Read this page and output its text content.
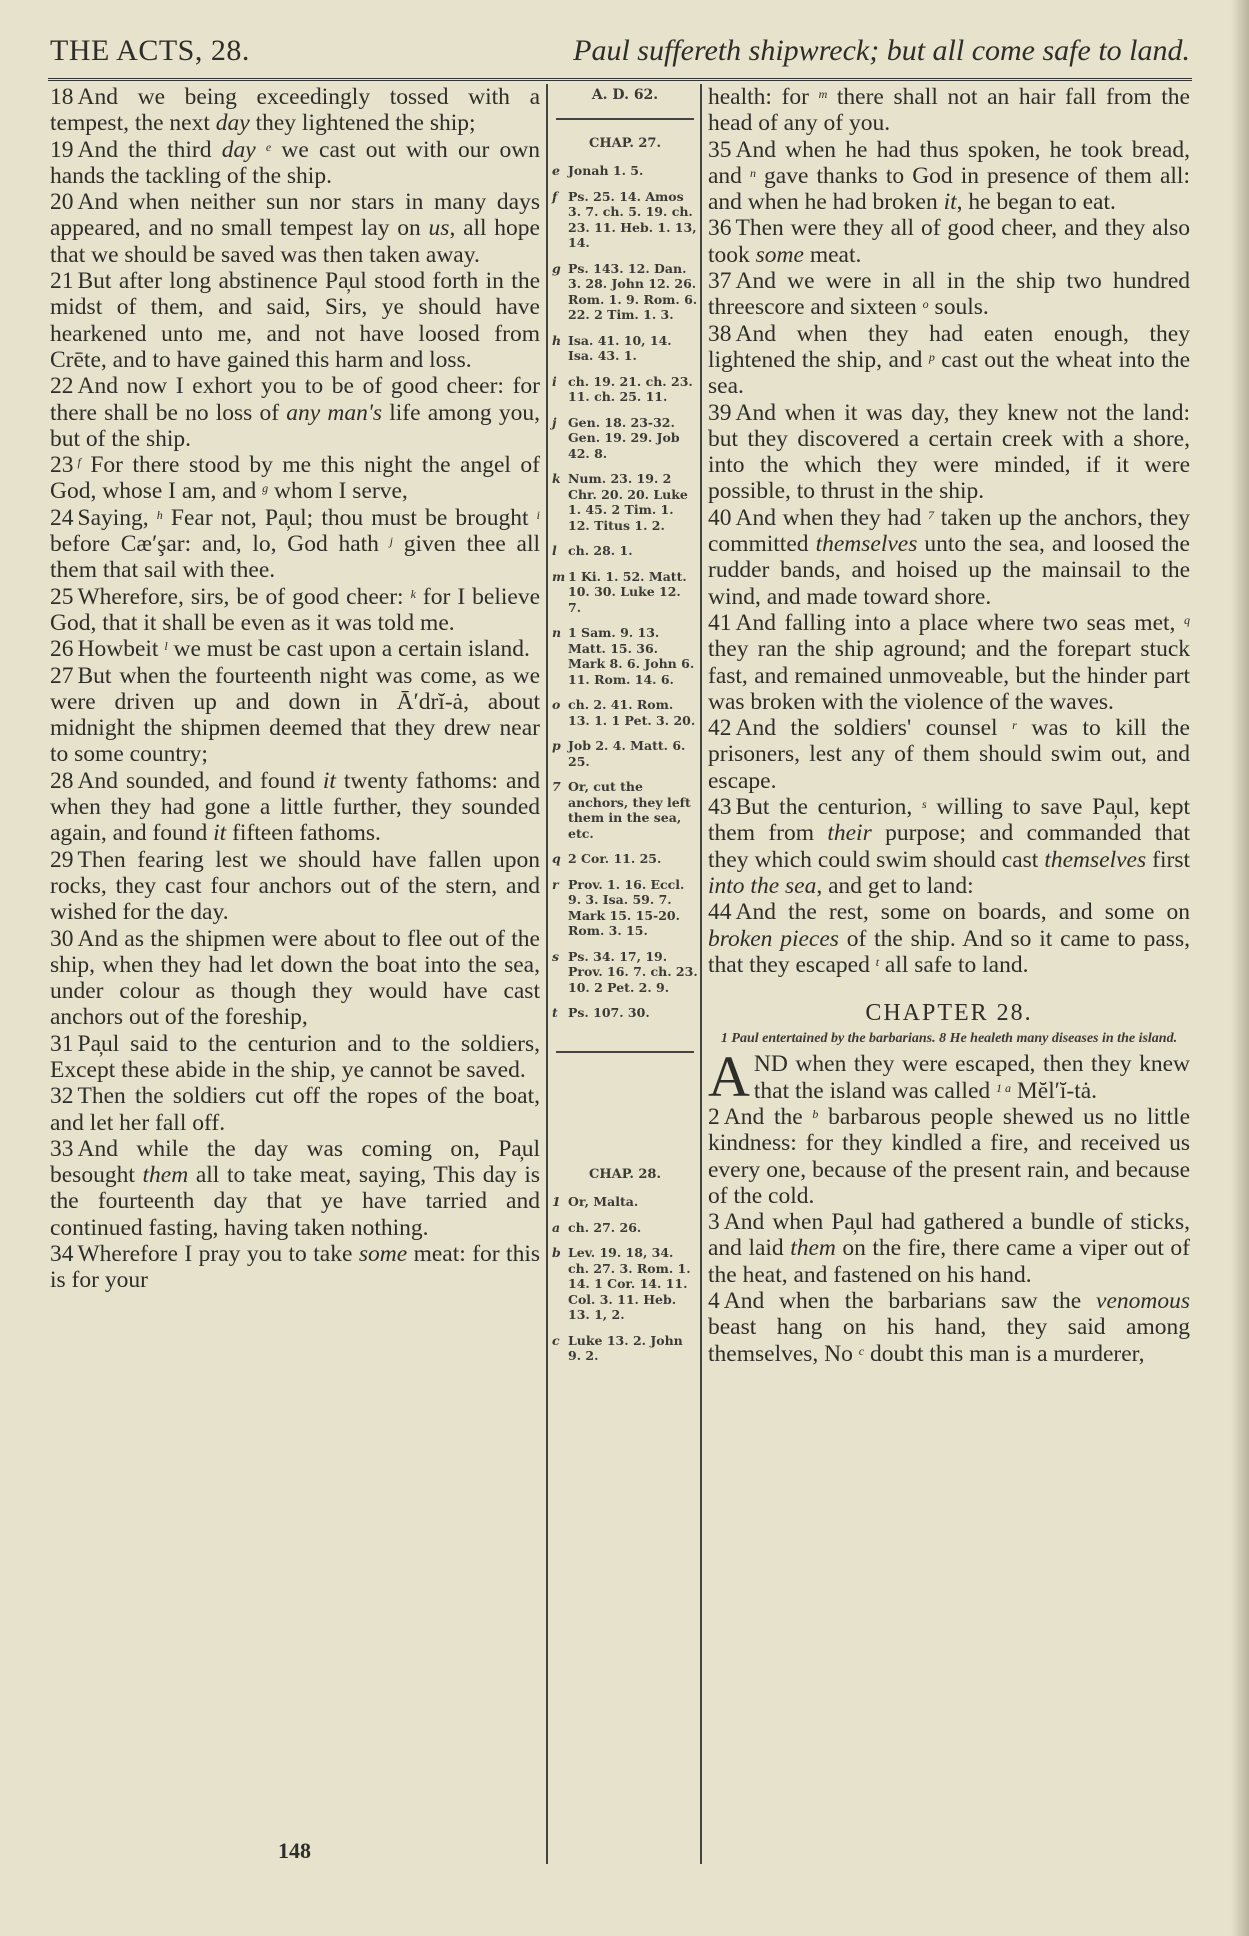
THE ACTS, 28.	Paul suffereth shipwreck; but all come safe to land.

18 And we being exceedingly tossed with a tempest, the next day they lightened the ship;

19 And the third day $^e$ we cast out with our own hands the tackling of the ship.

20 And when neither sun nor stars in many days appeared, and no small tempest lay on us, all hope that we should be saved was then taken away.

21 But after long abstinence Pa̦ul stood forth in the midst of them, and said, Sirs, ye should have hearkened unto me, and not have loosed from Crēte, and to have gained this harm and loss.

22 And now I exhort you to be of good cheer: for there shall be no loss of any man's life among you, but of the ship.

23 $^f$ For there stood by me this night the angel of God, whose I am, and $^g$ whom I serve,

24 Saying, $^h$ Fear not, Pa̦ul; thou must be brought $^i$ before Cæ′şar: and, lo, God hath $^j$ given thee all them that sail with thee.

25 Wherefore, sirs, be of good cheer: $^k$ for I believe God, that it shall be even as it was told me.

26 Howbeit $^l$ we must be cast upon a certain island.

27 But when the fourteenth night was come, as we were driven up and down in Ā′drĭ-ȧ, about midnight the shipmen deemed that they drew near to some country;

28 And sounded, and found it twenty fathoms: and when they had gone a little further, they sounded again, and found it fifteen fathoms.

29 Then fearing lest we should have fallen upon rocks, they cast four anchors out of the stern, and wished for the day.

30 And as the shipmen were about to flee out of the ship, when they had let down the boat into the sea, under colour as though they would have cast anchors out of the foreship,

31 Pa̦ul said to the centurion and to the soldiers, Except these abide in the ship, ye cannot be saved.

32 Then the soldiers cut off the ropes of the boat, and let her fall off.

33 And while the day was coming on, Pa̦ul besought them all to take meat, saying, This day is the fourteenth day that ye have tarried and continued fasting, having taken nothing.

34 Wherefore I pray you to take some meat: for this is for your

A. D. 62.
CHAP. 27.
e Jonah 1. 5.
f Ps. 25. 14. Amos 3. 7. ch. 5. 19. ch. 23. 11. Heb. 1. 13, 14.
g Ps. 143. 12. Dan. 3. 28. John 12. 26. Rom. 1. 9. Rom. 6. 22. 2 Tim. 1. 3.
h Isa. 41. 10, 14. Isa. 43. 1.
i ch. 19. 21. ch. 23. 11. ch. 25. 11.
j Gen. 18. 23-32. Gen. 19. 29. Job 42. 8.
k Num. 23. 19. 2 Chr. 20. 20. Luke 1. 45. 2 Tim. 1. 12. Titus 1. 2.
l ch. 28. 1.
m 1 Ki. 1. 52. Matt. 10. 30. Luke 12. 7.
n 1 Sam. 9. 13. Matt. 15. 36. Mark 8. 6. John 6. 11. Rom. 14. 6.
o ch. 2. 41. Rom. 13. 1. 1 Pet. 3. 20.
p Job 2. 4. Matt. 6. 25.
7 Or, cut the anchors, they left them in the sea, etc.
q 2 Cor. 11. 25.
r Prov. 1. 16. Eccl. 9. 3. Isa. 59. 7. Mark 15. 15-20. Rom. 3. 15.
s Ps. 34. 17, 19. Prov. 16. 7. ch. 23. 10. 2 Pet. 2. 9.
t Ps. 107. 30.
CHAP. 28.
1 Or, Malta.
a ch. 27. 26.
b Lev. 19. 18, 34. ch. 27. 3. Rom. 1. 14. 1 Cor. 14. 11. Col. 3. 11. Heb. 13. 1, 2.
c Luke 13. 2. John 9. 2.

health: for $^m$ there shall not an hair fall from the head of any of you.

35 And when he had thus spoken, he took bread, and $^n$ gave thanks to God in presence of them all: and when he had broken it, he began to eat.

36 Then were they all of good cheer, and they also took some meat.

37 And we were in all in the ship two hundred threescore and sixteen $^o$ souls.

38 And when they had eaten enough, they lightened the ship, and $^p$ cast out the wheat into the sea.

39 And when it was day, they knew not the land: but they discovered a certain creek with a shore, into the which they were minded, if it were possible, to thrust in the ship.

40 And when they had $^7$ taken up the anchors, they committed themselves unto the sea, and loosed the rudder bands, and hoised up the mainsail to the wind, and made toward shore.

41 And falling into a place where two seas met, $^q$ they ran the ship aground; and the forepart stuck fast, and remained unmoveable, but the hinder part was broken with the violence of the waves.

42 And the soldiers' counsel $^r$ was to kill the prisoners, lest any of them should swim out, and escape.

43 But the centurion, $^s$ willing to save Pa̦ul, kept them from their purpose; and commanded that they which could swim should cast themselves first into the sea, and get to land:

44 And the rest, some on boards, and some on broken pieces of the ship. And so it came to pass, that they escaped $^t$ all safe to land.

CHAPTER 28.
1 Paul entertained by the barbarians. 8 He healeth many diseases in the island.

AND when they were escaped, then they knew that the island was called $^{1 a}$ Mĕl′ĭ-tȧ.

2 And the $^b$ barbarous people shewed us no little kindness: for they kindled a fire, and received us every one, because of the present rain, and because of the cold.

3 And when Pa̦ul had gathered a bundle of sticks, and laid them on the fire, there came a viper out of the heat, and fastened on his hand.

4 And when the barbarians saw the venomous beast hang on his hand, they said among themselves, No $^c$ doubt this man is a murderer,

148
